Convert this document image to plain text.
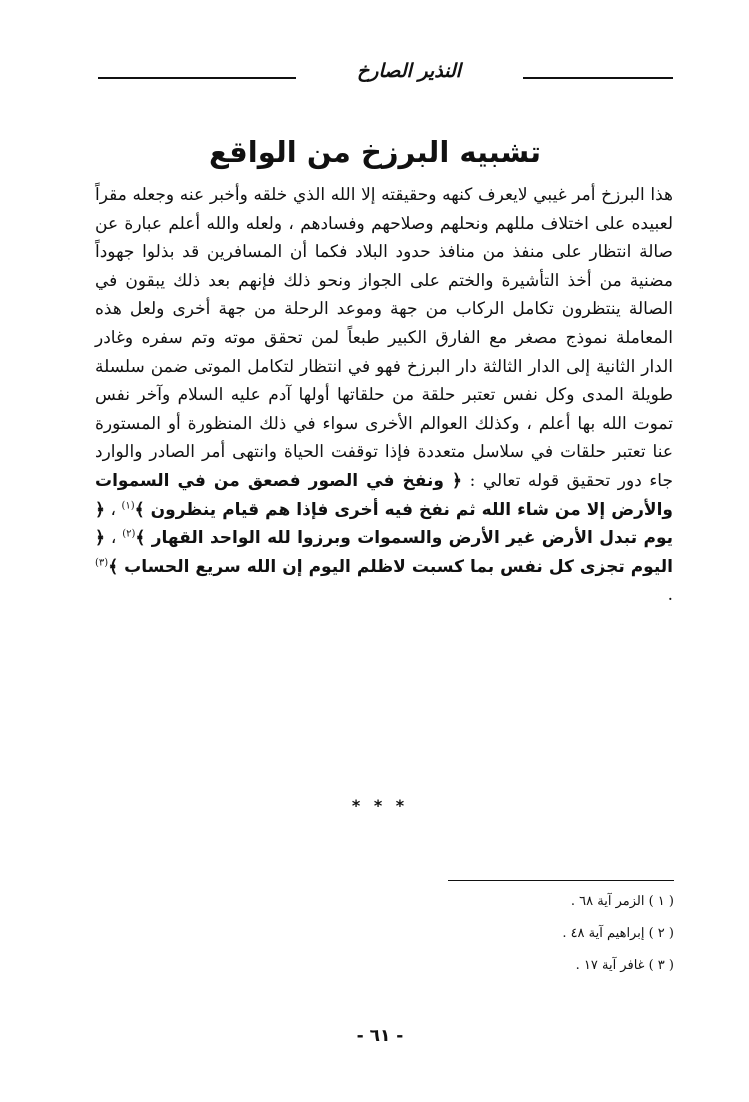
النذير الصارخ
تشبيه البرزخ من الواقع
هذا البرزخ أمر غيبي لايعرف كنهه وحقيقته إلا الله الذي خلقه وأخبر عنه وجعله مقراً لعبيده على اختلاف مللهم ونحلهم وصلاحهم وفسادهم ، ولعله والله أعلم عبارة عن صالة انتظار على منفذ من منافذ حدود البلاد فكما أن المسافرين قد بذلوا جهوداً مضنية من أخذ التأشيرة والختم على الجواز ونحو ذلك فإنهم بعد ذلك يبقون في الصالة ينتظرون تكامل الركاب من جهة وموعد الرحلة من جهة أخرى ولعل هذه المعاملة نموذج مصغر مع الفارق الكبير طبعاً لمن تحقق موته وتم سفره وغادر الدار الثانية إلى الدار الثالثة دار البرزخ فهو في انتظار لتكامل الموتى ضمن سلسلة طويلة المدى وكل نفس تعتبر حلقة من حلقاتها أولها آدم عليه السلام وآخر نفس تموت الله بها أعلم ، وكذلك العوالم الأخرى سواء في ذلك المنظورة أو المستورة عنا تعتبر حلقات في سلاسل متعددة فإذا توقفت الحياة وانتهى أمر الصادر والوارد جاء دور تحقيق قوله تعالي : ﴿ ونفخ في الصور فصعق من في السموات والأرض إلا من شاء الله ثم نفخ فيه أخرى فإذا هم قيام ينظرون ﴾$^{(١)}$ ، ﴿ يوم تبدل الأرض غير الأرض والسموات وبرزوا لله الواحد القهار ﴾$^{(٢)}$ ، ﴿ اليوم تجزى كل نفس بما كسبت لاظلم اليوم إن الله سريع الحساب ﴾$^{(٣)}$ .
* * *
( ١ ) الزمر آية ٦٨ .
( ٢ ) إبراهيم آية ٤٨ .
( ٣ ) غافر آية ١٧ .
- ٦١ -
